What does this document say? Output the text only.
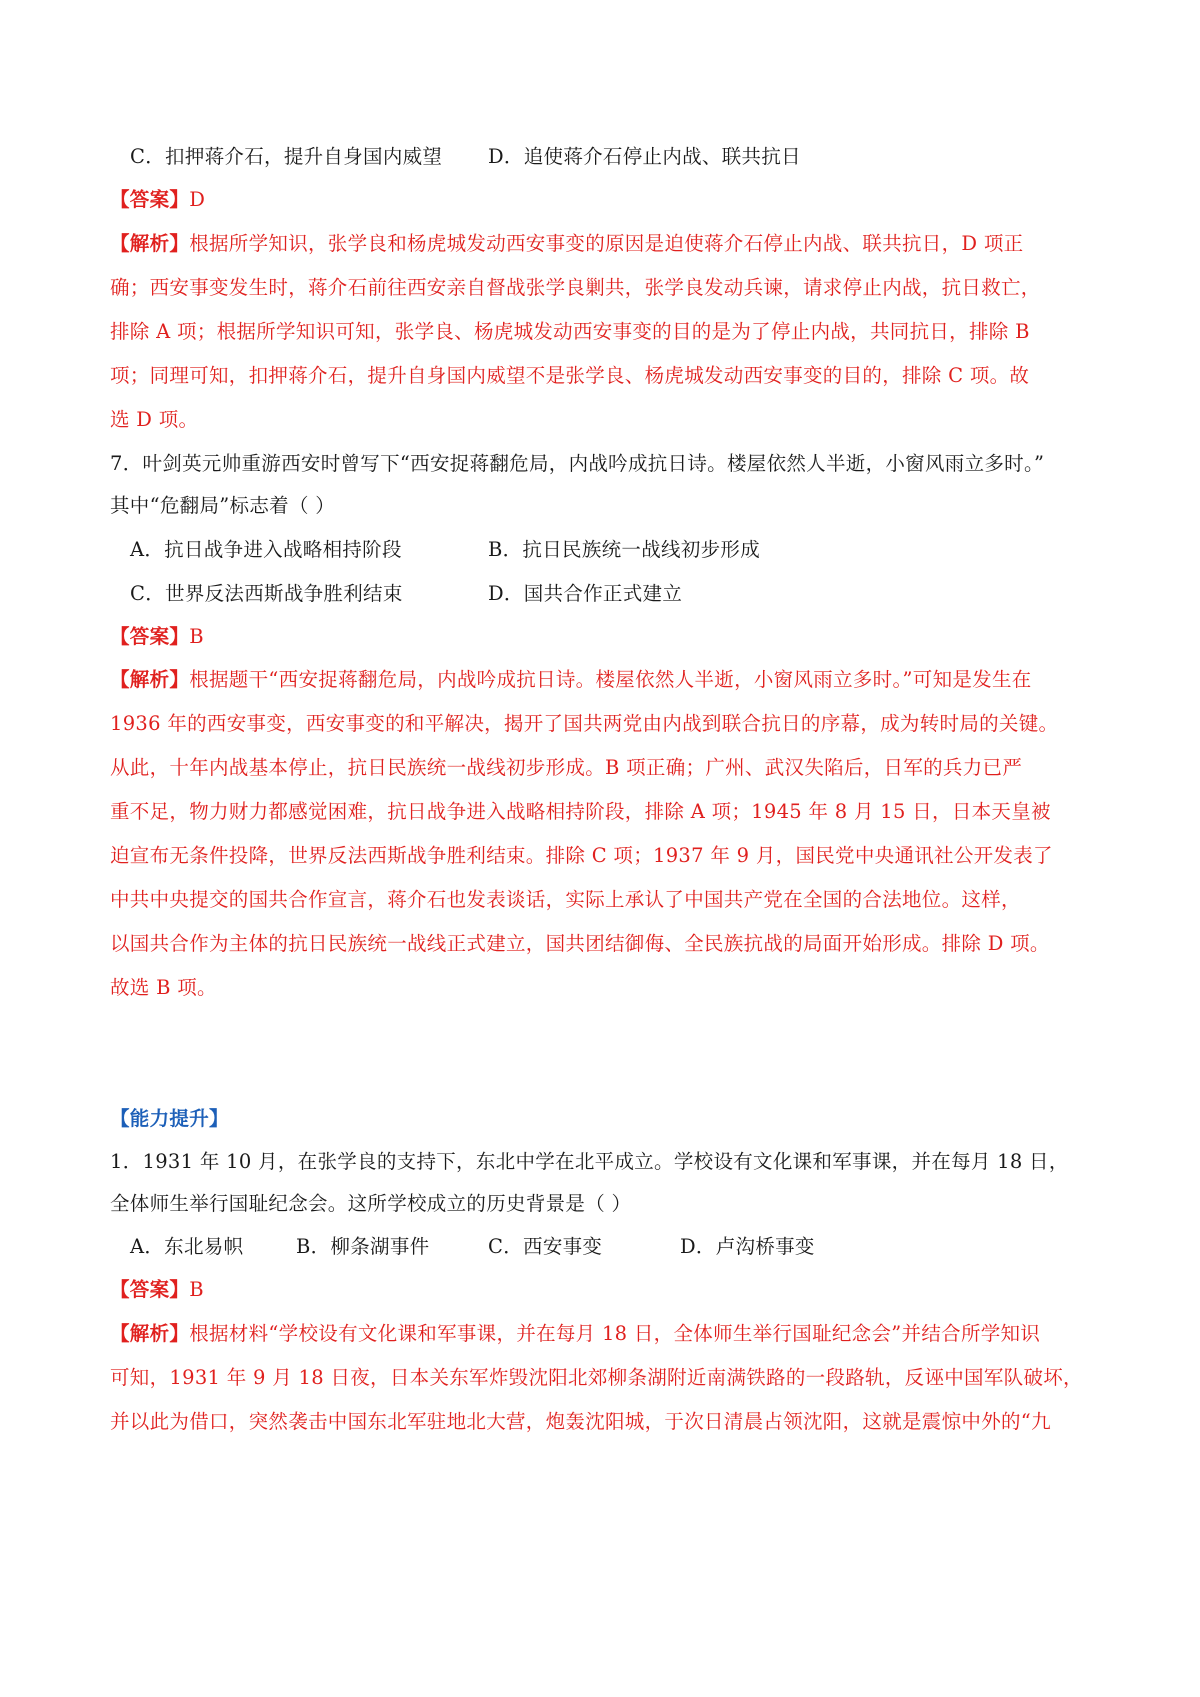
C．扣押蒋介石，提升自身国内威望 D．追使蒋介石停止内战、联共抗日
【答案】D
【解析】根据所学知识，张学良和杨虎城发动西安事变的原因是迫使蒋介石停止内战、联共抗日，D 项正
确；西安事变发生时，蒋介石前往西安亲自督战张学良剿共，张学良发动兵谏，请求停止内战，抗日救亡，
排除 A 项；根据所学知识可知，张学良、杨虎城发动西安事变的目的是为了停止内战，共同抗日，排除 B
项；同理可知，扣押蒋介石，提升自身国内威望不是张学良、杨虎城发动西安事变的目的，排除 C 项。故
选 D 项。
7．叶剑英元帅重游西安时曾写下“西安捉蒋翻危局，内战吟成抗日诗。楼屋依然人半逝，小窗风雨立多时。”
其中“危翻局”标志着（ ）
A．抗日战争进入战略相持阶段	B．抗日民族统一战线初步形成
C．世界反法西斯战争胜利结束	D．国共合作正式建立
【答案】B
【解析】根据题干“西安捉蒋翻危局，内战吟成抗日诗。楼屋依然人半逝，小窗风雨立多时。”可知是发生在
1936 年的西安事变，西安事变的和平解决，揭开了国共两党由内战到联合抗日的序幕，成为转时局的关键。
从此，十年内战基本停止，抗日民族统一战线初步形成。B 项正确；广州、武汉失陷后，日军的兵力已严
重不足，物力财力都感觉困难，抗日战争进入战略相持阶段，排除 A 项；1945 年 8 月 15 日，日本天皇被
迫宣布无条件投降，世界反法西斯战争胜利结束。排除 C 项；1937 年 9 月，国民党中央通讯社公开发表了
中共中央提交的国共合作宣言，蒋介石也发表谈话，实际上承认了中国共产党在全国的合法地位。这样，
以国共合作为主体的抗日民族统一战线正式建立，国共团结御侮、全民族抗战的局面开始形成。排除 D 项。
故选 B 项。
【能力提升】
1．1931 年 10 月，在张学良的支持下，东北中学在北平成立。学校设有文化课和军事课，并在每月 18 日，
全体师生举行国耻纪念会。这所学校成立的历史背景是（ ）
A．东北易帜	B．柳条湖事件	C．西安事变	D．卢沟桥事变
【答案】B
【解析】根据材料“学校设有文化课和军事课，并在每月 18 日，全体师生举行国耻纪念会”并结合所学知识
可知，1931 年 9 月 18 日夜，日本关东军炸毁沈阳北郊柳条湖附近南满铁路的一段路轨，反诬中国军队破坏，
并以此为借口，突然袭击中国东北军驻地北大营，炮轰沈阳城，于次日清晨占领沈阳，这就是震惊中外的“九
